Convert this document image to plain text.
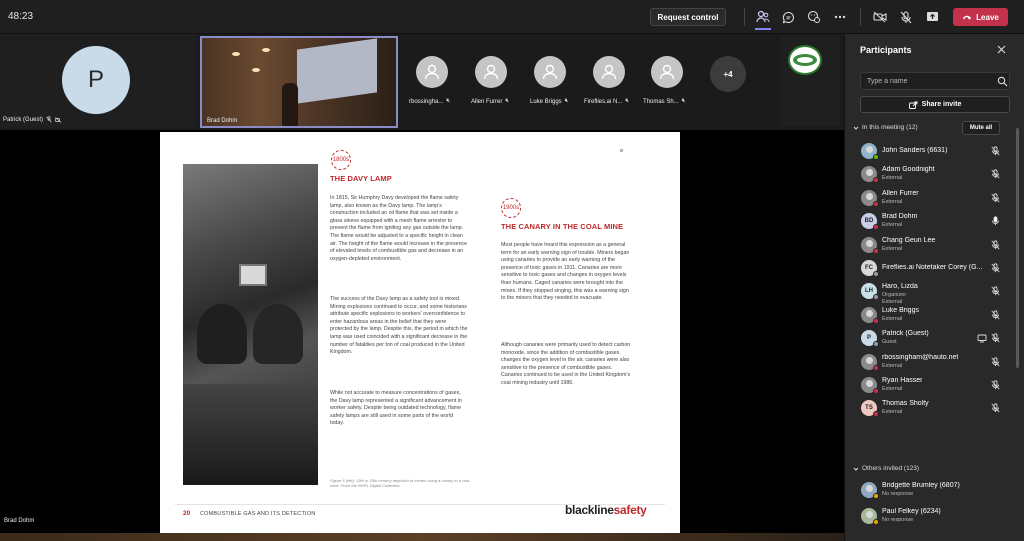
48:23	Request control	Leave
P
Patrick (Guest)	Brad Dohm
rbossingha... 🔇︎	Allen Furrer 🔇︎	Luke Briggs 🔇︎	Fireflies.ai N... 🔇︎ Thomas Sh... 🔇︎
+4
1800s
THE DAVY LAMP
In 1815, Sir Humphry Davy developed the flame safety lamp, also known as the Davy lamp. The lamp's construction included an oil flame that was set inside a glass sleeve equipped with a mesh flame arrestor to prevent the flame from igniting any gas outside the lamp. The flame would be adjusted to a specific height in clean air. The height of the flame would increase in the presence of elevated levels of combustible gas and decrease in an oxygen-depleted environment.
The success of the Davy lamp as a safety tool is mixed. Mining explosions continued to occur, and some historians attribute specific explosions to workers' overconfidence to enter hazardous areas in the belief that they were protected by the lamp. Despite this, the period in which the lamp was used coincided with a significant decrease in the number of fatalities per ton of coal produced in the United Kingdom.
While not accurate to measure concentrations of gases, the Davy lamp represented a significant advancement in worker safety. Despite being outdated technology, flame safety lamps are still used in some parts of the world today.
1900s
THE CANARY IN THE COAL MINE
Most people have heard this expression as a general term for an early warning sign of trouble. Miners began using canaries to provide an early warning of the presence of toxic gases in 1911. Canaries are more sensitive to toxic gases and changes in oxygen levels than humans. Caged canaries were brought into the mines. If they stopped singing, this was a warning sign to the miners that they needed to evacuate.
Although canaries were primarily used to detect carbon monoxide, since the addition of combustible gases changes the oxygen level in the air, canaries were also sensitive to the presence of combustible gases. Canaries continued to be used in the United Kingdom's coal mining industry until 1986.
Figure 5 (left): 19th or 20th century depiction of miners using a canary in a coal mine. From the NHPL Digital Collection.
20 COMBUSTIBLE GAS AND ITS DETECTION	blacklinesafety
Brad Dohm
Participants
Type a name
Share invite
In this meeting (12)	Mute all
John Sanders (6631)
Adam Goodnight
External
Allen Furrer
External
BD
Brad Dohm
External
Chang Geun Lee
External
FC	Fireflies.ai Notetaker Corey (G...
LH
Haro, Lizda
Organizer
External
Luke Briggs
External
P
Patrick (Guest)
Guest
rbossingham@hauto.net
External
Ryan Hasser
External
TS
Thomas Sholty
External
Others invited (123)
Bridgette Brumley (6807)
No response
Paul Felkey (6234)
No response
